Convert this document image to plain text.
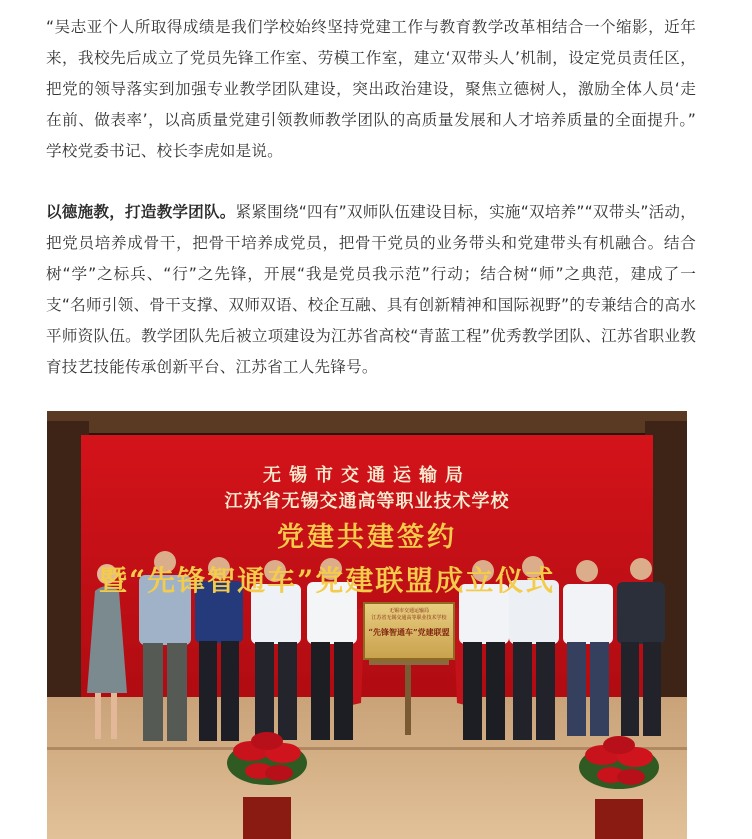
“吴志亚个人所取得成绩是我们学校始终坚持党建工作与教育教学改革相结合一个缩影，近年来，我校先后成立了党员先锋工作室、劳模工作室，建立‘双带头人’机制，设定党员责任区，把党的领导落实到加强专业教学团队建设，突出政治建设，聚焦立德树人，激励全体人员‘走在前、做表率’，以高质量党建引领教师教学团队的高质量发展和人才培养质量的全面提升。” 学校党委书记、校长李虎如是说。

以德施教，打造教学团队。紧紧围绕“四有”双师队伍建设目标，实施“双培养”“双带头”活动，把党员培养成骨干，把骨干培养成党员，把骨干党员的业务带头和党建带头有机融合。结合树“学”之标兵、“行”之先锋，开展“我是党员我示范”行动；结合树“师”之典范，建成了一支“名师引领、骨干支撑、双师双语、校企互融、具有创新精神和国际视野”的专兼结合的高水平师资队伍。教学团队先后被立项建设为江苏省高校“青蓝工程”优秀教学团队、江苏省职业教育技艺技能传承创新平台、江苏省工人先锋号。

无锡市交通运输局
江苏省无锡交通高等职业技术学校
党建共建签约
暨“先锋智通车”党建联盟成立仪式
无锡市交通运输局
江苏省无锡交通高等职业技术学校
“先锋智通车”党建联盟
